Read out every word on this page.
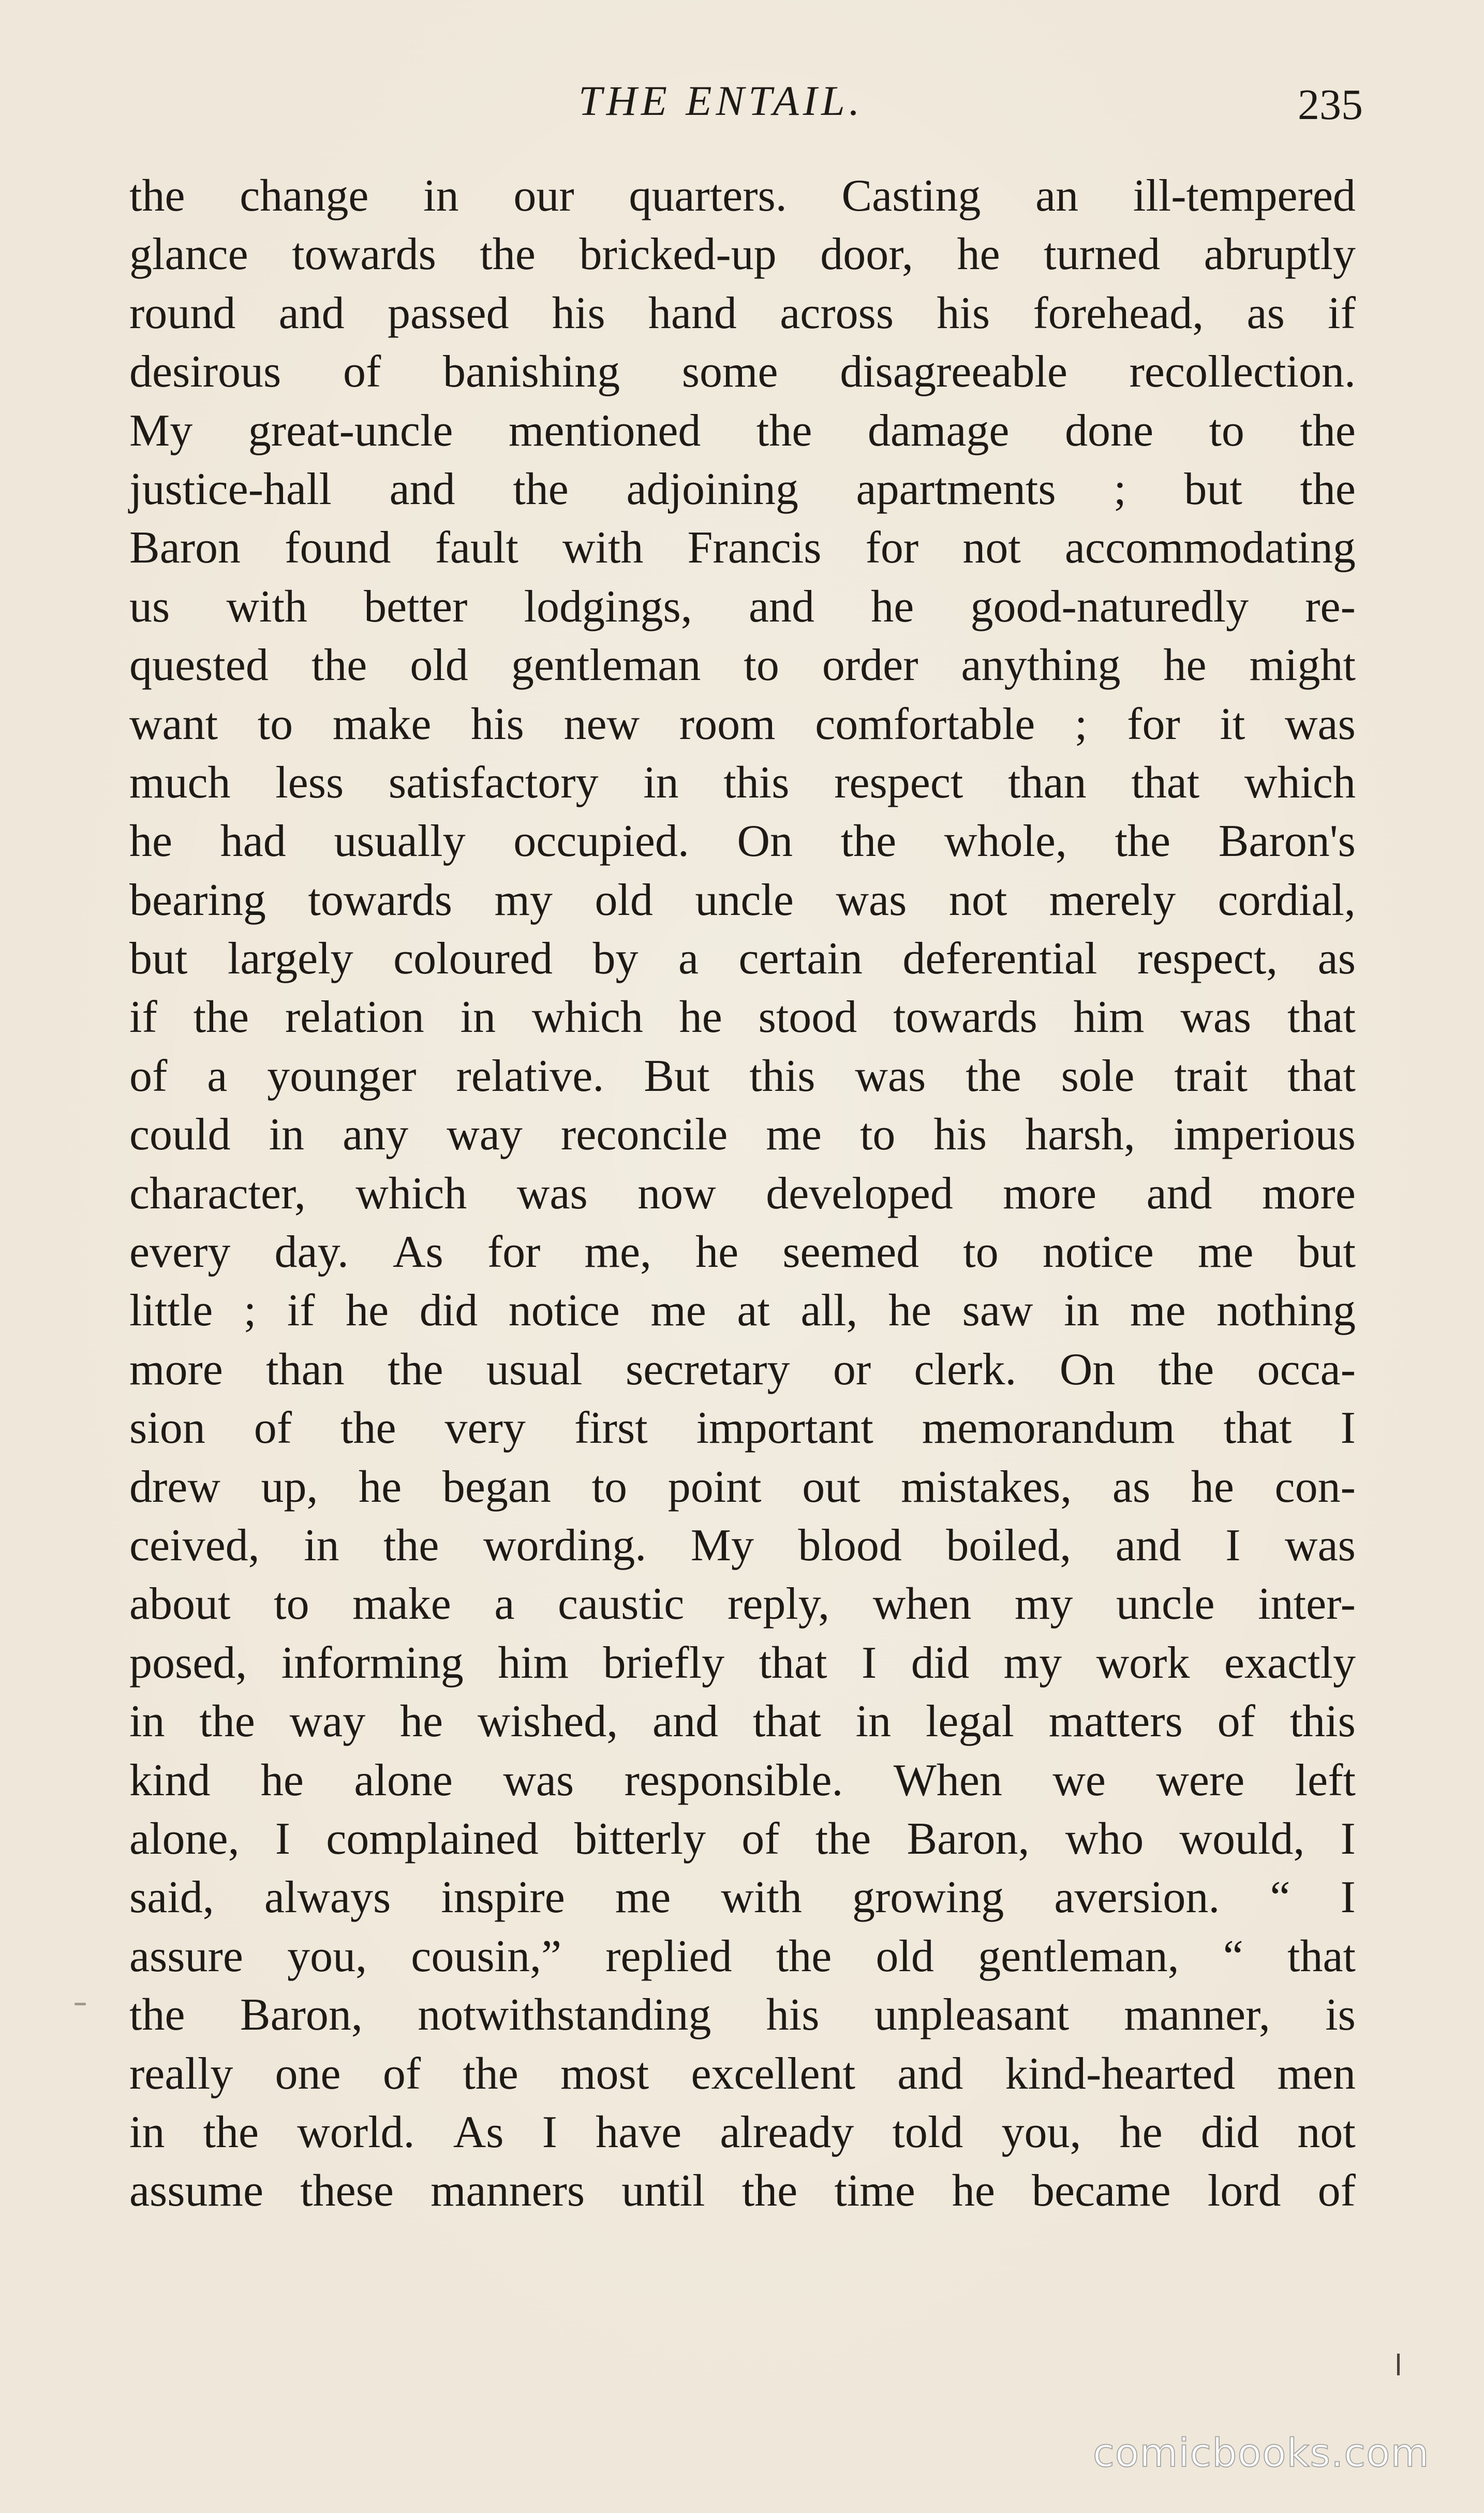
THE ENTAIL.	235
the change in our quarters. Casting an ill-tempered
glance towards the bricked-up door, he turned abruptly
round and passed his hand across his forehead, as if
desirous of banishing some disagreeable recollection.
My great-uncle mentioned the damage done to the
justice-hall and the adjoining apartments ; but the
Baron found fault with Francis for not accommodating
us with better lodgings, and he good-naturedly re-
quested the old gentleman to order anything he might
want to make his new room comfortable ; for it was
much less satisfactory in this respect than that which
he had usually occupied. On the whole, the Baron's
bearing towards my old uncle was not merely cordial,
but largely coloured by a certain deferential respect, as
if the relation in which he stood towards him was that
of a younger relative. But this was the sole trait that
could in any way reconcile me to his harsh, imperious
character, which was now developed more and more
every day. As for me, he seemed to notice me but
little ; if he did notice me at all, he saw in me nothing
more than the usual secretary or clerk. On the occa-
sion of the very first important memorandum that I
drew up, he began to point out mistakes, as he con-
ceived, in the wording. My blood boiled, and I was
about to make a caustic reply, when my uncle inter-
posed, informing him briefly that I did my work exactly
in the way he wished, and that in legal matters of this
kind he alone was responsible. When we were left
alone, I complained bitterly of the Baron, who would, I
said, always inspire me with growing aversion. “ I
assure you, cousin,” replied the old gentleman, “ that
the Baron, notwithstanding his unpleasant manner, is
really one of the most excellent and kind-hearted men
in the world. As I have already told you, he did not
assume these manners until the time he became lord of
comicbooks.com
